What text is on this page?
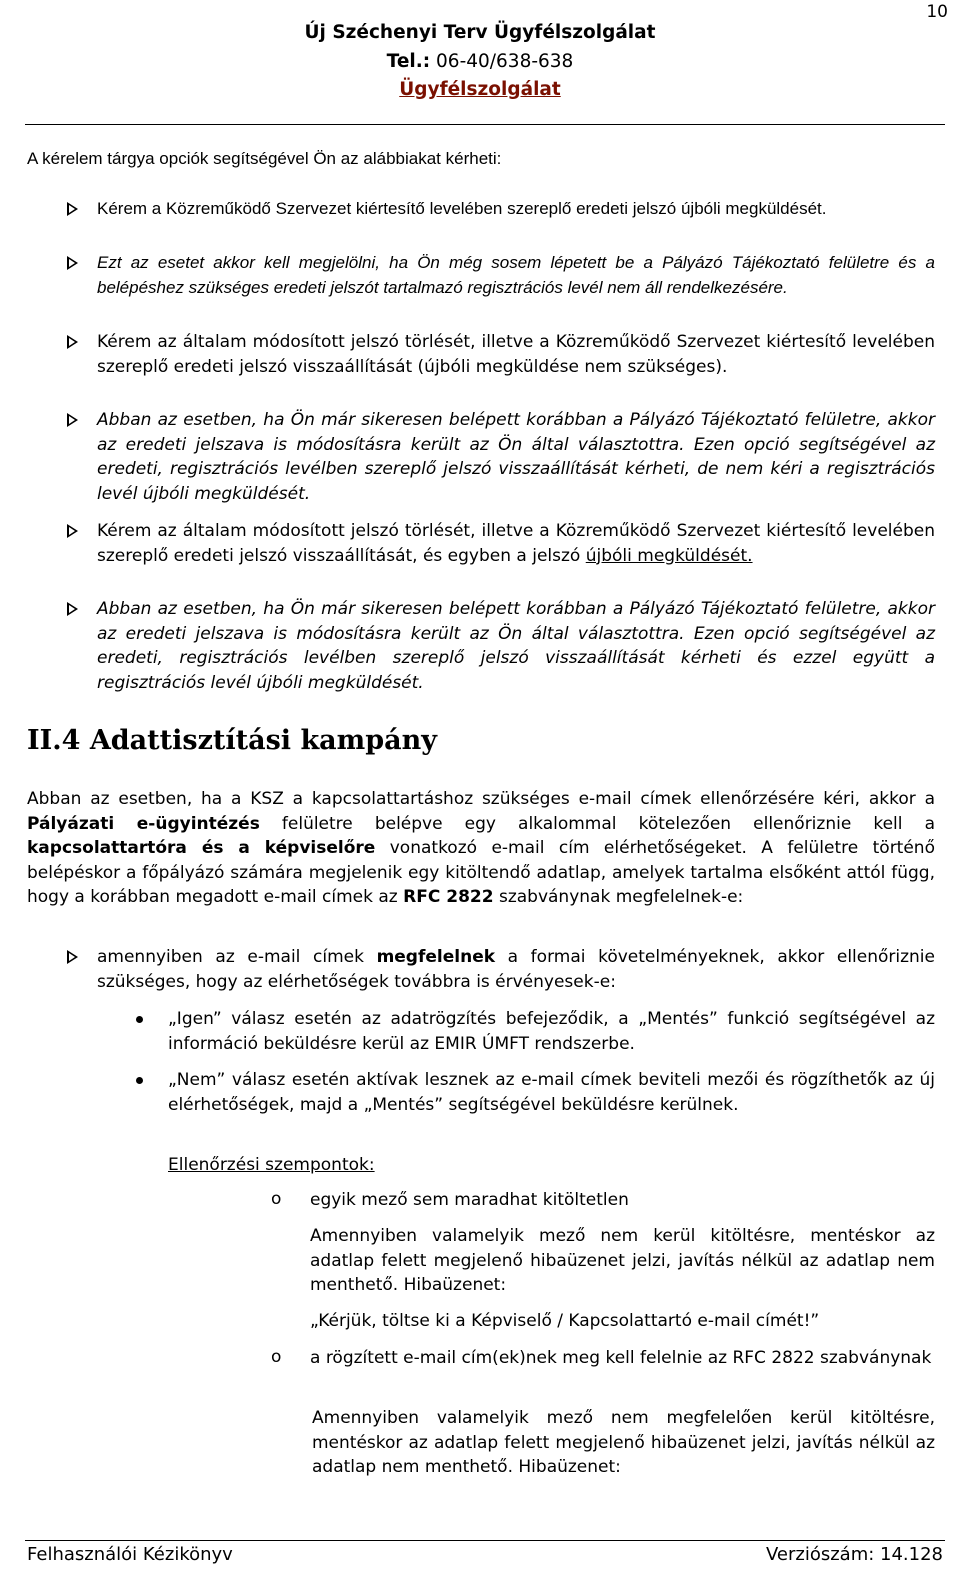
10
Új Széchenyi Terv Ügyfélszolgálat
Tel.: 06-40/638-638
Ügyfélszolgálat
A kérelem tárgya opciók segítségével Ön az alábbiakat kérheti:
Kérem a Közreműködő Szervezet kiértesítő levelében szereplő eredeti jelszó újbóli megküldését.
Ezt az esetet akkor kell megjelölni, ha Ön még sosem lépetett be a Pályázó Tájékoztató felületre és a belépéshez szükséges eredeti jelszót tartalmazó regisztrációs levél nem áll rendelkezésére.
Kérem az általam módosított jelszó törlését, illetve a Közreműködő Szervezet kiértesítő levelében szereplő eredeti jelszó visszaállítását (újbóli megküldése nem szükséges).
Abban az esetben, ha Ön már sikeresen belépett korábban a Pályázó Tájékoztató felületre, akkor az eredeti jelszava is módosításra került az Ön által választottra. Ezen opció segítségével az eredeti, regisztrációs levélben szereplő jelszó visszaállítását kérheti, de nem kéri a regisztrációs levél újbóli megküldését.
Kérem az általam módosított jelszó törlését, illetve a Közreműködő Szervezet kiértesítő levelében szereplő eredeti jelszó visszaállítását, és egyben a jelszó újbóli megküldését.
Abban az esetben, ha Ön már sikeresen belépett korábban a Pályázó Tájékoztató felületre, akkor az eredeti jelszava is módosításra került az Ön által választottra. Ezen opció segítségével az eredeti, regisztrációs levélben szereplő jelszó visszaállítását kérheti és ezzel együtt a regisztrációs levél újbóli megküldését.
II.4 Adattisztítási kampány
Abban az esetben, ha a KSZ a kapcsolattartáshoz szükséges e-mail címek ellenőrzésére kéri, akkor a Pályázati e-ügyintézés felületre belépve egy alkalommal kötelezően ellenőriznie kell a kapcsolattartóra és a képviselőre vonatkozó e-mail cím elérhetőségeket. A felületre történő belépéskor a főpályázó számára megjelenik egy kitöltendő adatlap, amelyek tartalma elsőként attól függ, hogy a korábban megadott e-mail címek az RFC 2822 szabványnak megfelelnek-e:
amennyiben az e-mail címek megfelelnek a formai követelményeknek, akkor ellenőriznie szükséges, hogy az elérhetőségek továbbra is érvényesek-e:
„Igen” válasz esetén az adatrögzítés befejeződik, a „Mentés” funkció segítségével az információ beküldésre kerül az EMIR ÚMFT rendszerbe.
„Nem” válasz esetén aktívak lesznek az e-mail címek beviteli mezői és rögzíthetők az új elérhetőségek, majd a „Mentés” segítségével beküldésre kerülnek.
Ellenőrzési szempontok:
o egyik mező sem maradhat kitöltetlen
Amennyiben valamelyik mező nem kerül kitöltésre, mentéskor az adatlap felett megjelenő hibaüzenet jelzi, javítás nélkül az adatlap nem menthető. Hibaüzenet:
„Kérjük, töltse ki a Képviselő / Kapcsolattartó e-mail címét!”
o a rögzített e-mail cím(ek)nek meg kell felelnie az RFC 2822 szabványnak
Amennyiben valamelyik mező nem megfelelően kerül kitöltésre, mentéskor az adatlap felett megjelenő hibaüzenet jelzi, javítás nélkül az adatlap nem menthető. Hibaüzenet:
Felhasználói Kézikönyv	Verziószám: 14.128
